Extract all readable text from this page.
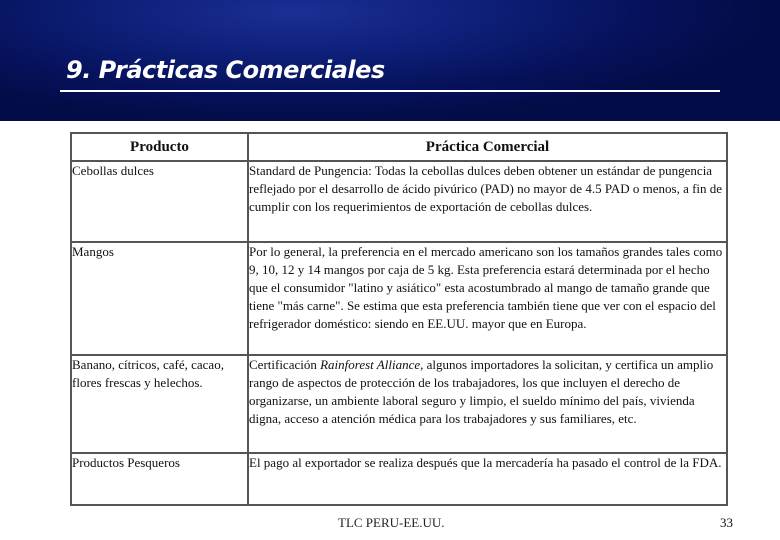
9. Prácticas Comerciales
Producto	Práctica Comercial
Cebollas dulces	Standard de Pungencia: Todas la cebollas dulces deben obtener un estándar de pungencia reflejado por el desarrollo de ácido pivúrico (PAD) no mayor de 4.5 PAD o menos, a fin de cumplir con los requerimientos de exportación de cebollas dulces.
Mangos	Por lo general, la preferencia en el mercado americano son los tamaños grandes tales como 9, 10, 12 y 14 mangos por caja de 5 kg. Esta preferencia estará determinada por el hecho que el consumidor "latino y asiático" esta acostumbrado al mango de tamaño grande que tiene "más carne". Se estima que esta preferencia también tiene que ver con el espacio del refrigerador doméstico: siendo en EE.UU. mayor que en Europa.
Banano, cítricos, café, cacao, flores frescas y helechos.	Certificación Rainforest Alliance, algunos importadores la solicitan, y certifica un amplio rango de aspectos de protección de los trabajadores, los que incluyen el derecho de organizarse, un ambiente laboral seguro y limpio, el sueldo mínimo del país, vivienda digna, acceso a atención médica para los trabajadores y sus familiares, etc.
Productos Pesqueros	El pago al exportador se realiza después que la mercadería ha pasado el control de la FDA.
TLC PERU-EE.UU.	33
